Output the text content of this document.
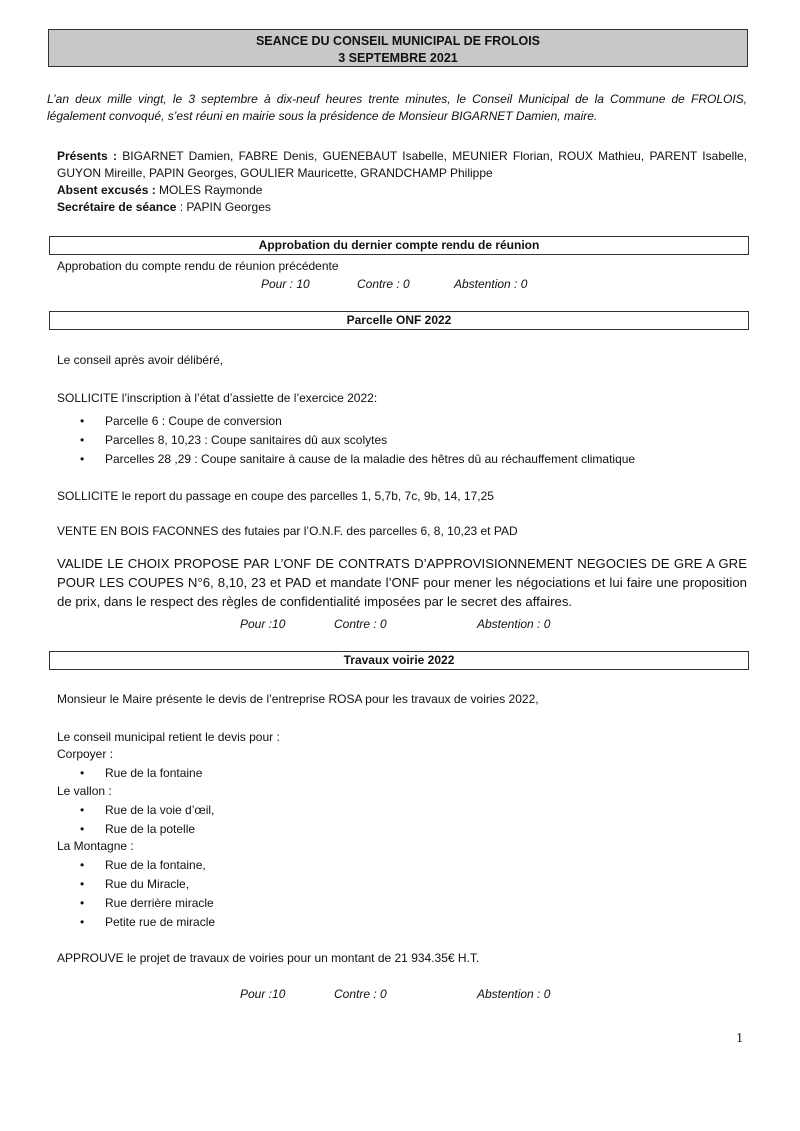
SEANCE DU CONSEIL MUNICIPAL DE FROLOIS
3 SEPTEMBRE 2021
L’an deux mille vingt, le 3 septembre à dix-neuf heures trente minutes, le Conseil Municipal de la Commune de FROLOIS, légalement convoqué, s’est réuni en mairie sous la présidence de Monsieur BIGARNET Damien, maire.
Présents : BIGARNET Damien, FABRE Denis, GUENEBAUT Isabelle, MEUNIER Florian, ROUX Mathieu, PARENT Isabelle, GUYON Mireille, PAPIN Georges, GOULIER Mauricette, GRANDCHAMP Philippe
Absent excusés : MOLES Raymonde
Secrétaire de séance : PAPIN Georges
Approbation du dernier compte rendu de réunion
Approbation du compte rendu de réunion précédente
Pour : 10	Contre : 0	Abstention : 0
Parcelle ONF 2022
Le conseil après avoir délibéré,
SOLLICITE l’inscription à l’état d’assiette de l’exercice 2022:
• Parcelle 6 : Coupe de conversion
• Parcelles 8, 10,23 : Coupe sanitaires dû aux scolytes
• Parcelles 28 ,29 : Coupe sanitaire à cause de la maladie des hêtres dû au réchauffement climatique
SOLLICITE le report du passage en coupe des parcelles 1, 5,7b, 7c, 9b, 14, 17,25
VENTE EN BOIS FACONNES des futaies par l’O.N.F. des parcelles 6, 8, 10,23 et PAD
VALIDE LE CHOIX PROPOSE PAR L’ONF DE CONTRATS D’APPROVISIONNEMENT NEGOCIES DE GRE A GRE POUR LES COUPES N°6, 8,10, 23 et PAD et mandate l’ONF pour mener les négociations et lui faire une proposition de prix, dans le respect des règles de confidentialité imposées par le secret des affaires.
Pour :10	Contre : 0	Abstention : 0
Travaux voirie 2022
Monsieur le Maire présente le devis de l’entreprise ROSA pour les travaux de voiries 2022,
Le conseil municipal retient le devis pour :
Corpoyer :
• Rue de la fontaine
Le vallon :
• Rue de la voie d’œil,
• Rue de la potelle
La Montagne :
• Rue de la fontaine,
• Rue du Miracle,
• Rue derrière miracle
• Petite rue de miracle
APPROUVE le projet de travaux de voiries pour un montant de 21 934.35€ H.T.
Pour :10	Contre : 0	Abstention : 0
1
